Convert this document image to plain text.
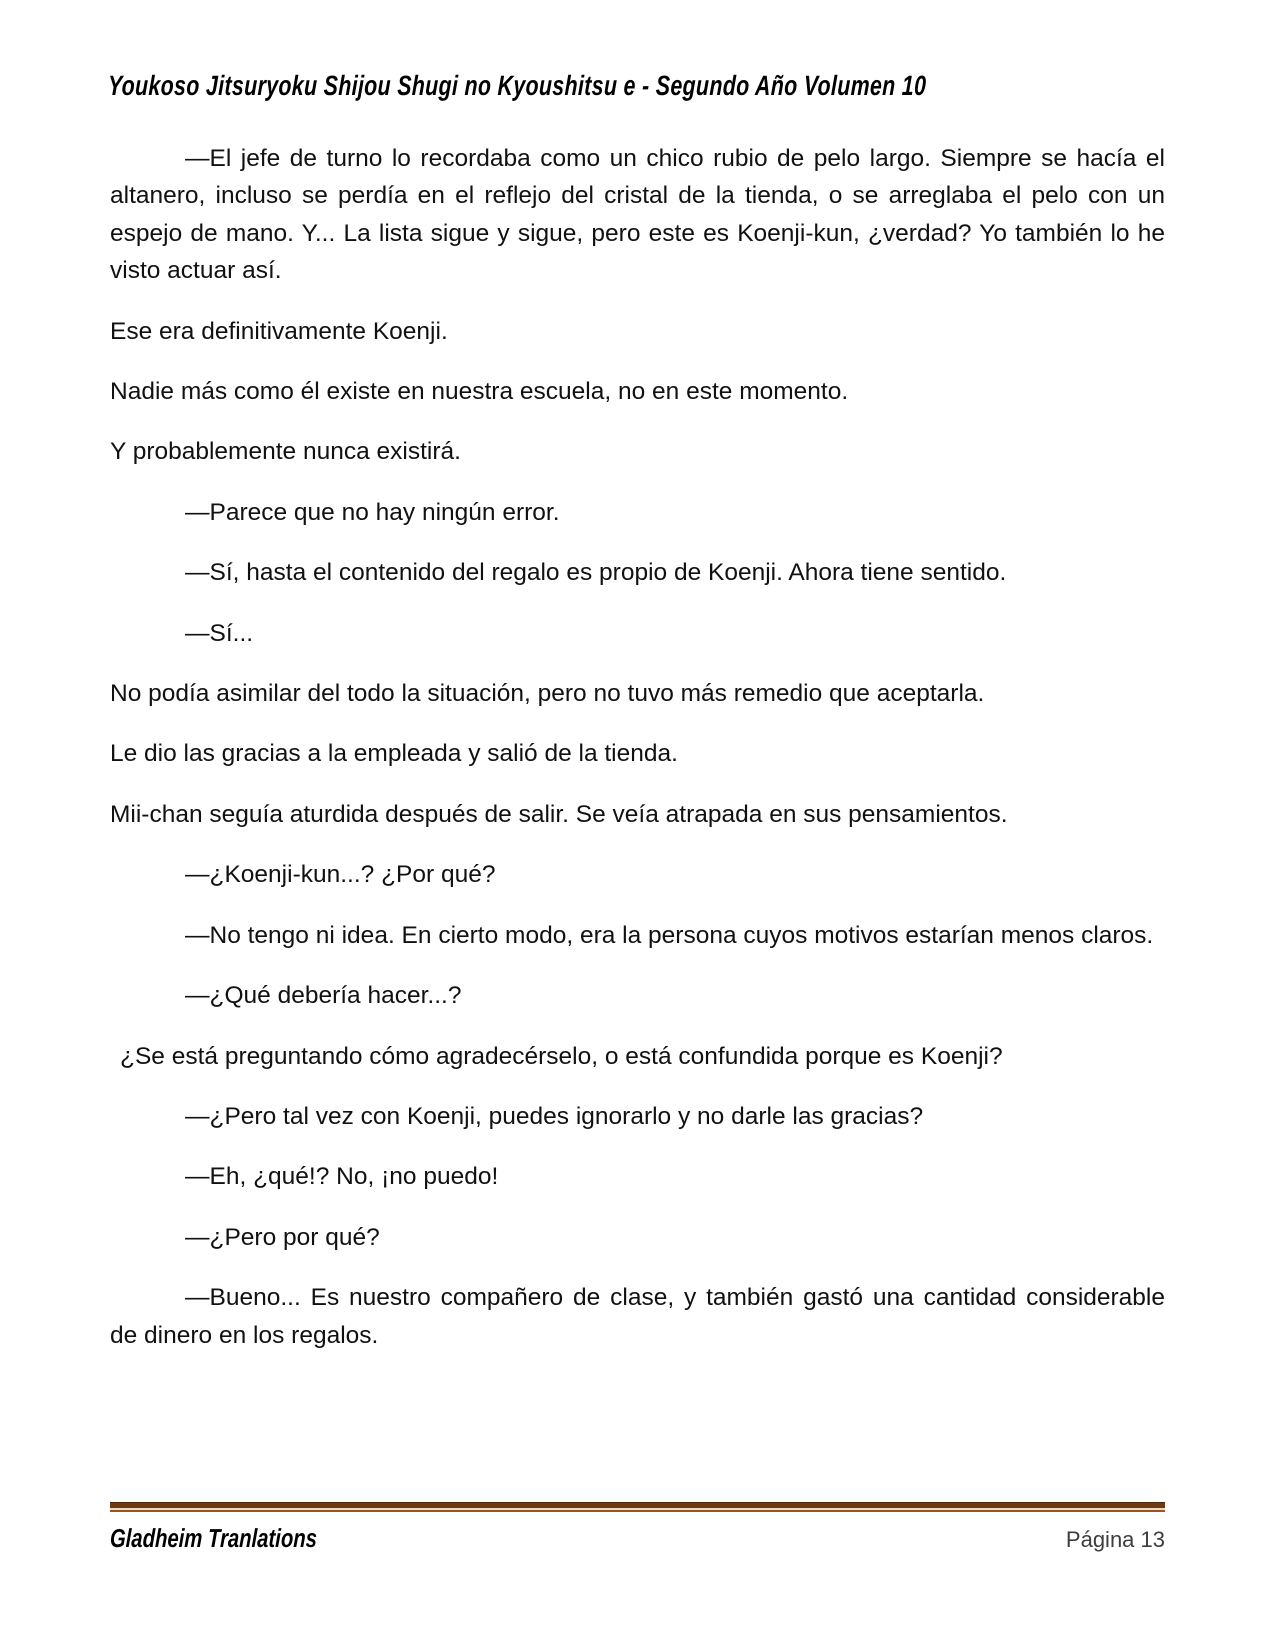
Youkoso Jitsuryoku Shijou Shugi no Kyoushitsu e - Segundo Año Volumen 10

—El jefe de turno lo recordaba como un chico rubio de pelo largo. Siempre se hacía el altanero, incluso se perdía en el reflejo del cristal de la tienda, o se arreglaba el pelo con un espejo de mano. Y... La lista sigue y sigue, pero este es Koenji-kun, ¿verdad? Yo también lo he visto actuar así.

Ese era definitivamente Koenji.

Nadie más como él existe en nuestra escuela, no en este momento.

Y probablemente nunca existirá.

—Parece que no hay ningún error.

—Sí, hasta el contenido del regalo es propio de Koenji. Ahora tiene sentido.

—Sí...

No podía asimilar del todo la situación, pero no tuvo más remedio que aceptarla.

Le dio las gracias a la empleada y salió de la tienda.

Mii-chan seguía aturdida después de salir. Se veía atrapada en sus pensamientos.

—¿Koenji-kun...? ¿Por qué?

—No tengo ni idea. En cierto modo, era la persona cuyos motivos estarían menos claros.

—¿Qué debería hacer...?

¿Se está preguntando cómo agradecérselo, o está confundida porque es Koenji?

—¿Pero tal vez con Koenji, puedes ignorarlo y no darle las gracias?

—Eh, ¿qué!? No, ¡no puedo!

—¿Pero por qué?

—Bueno... Es nuestro compañero de clase, y también gastó una cantidad considerable de dinero en los regalos.

Gladheim Tranlations	Página 13
